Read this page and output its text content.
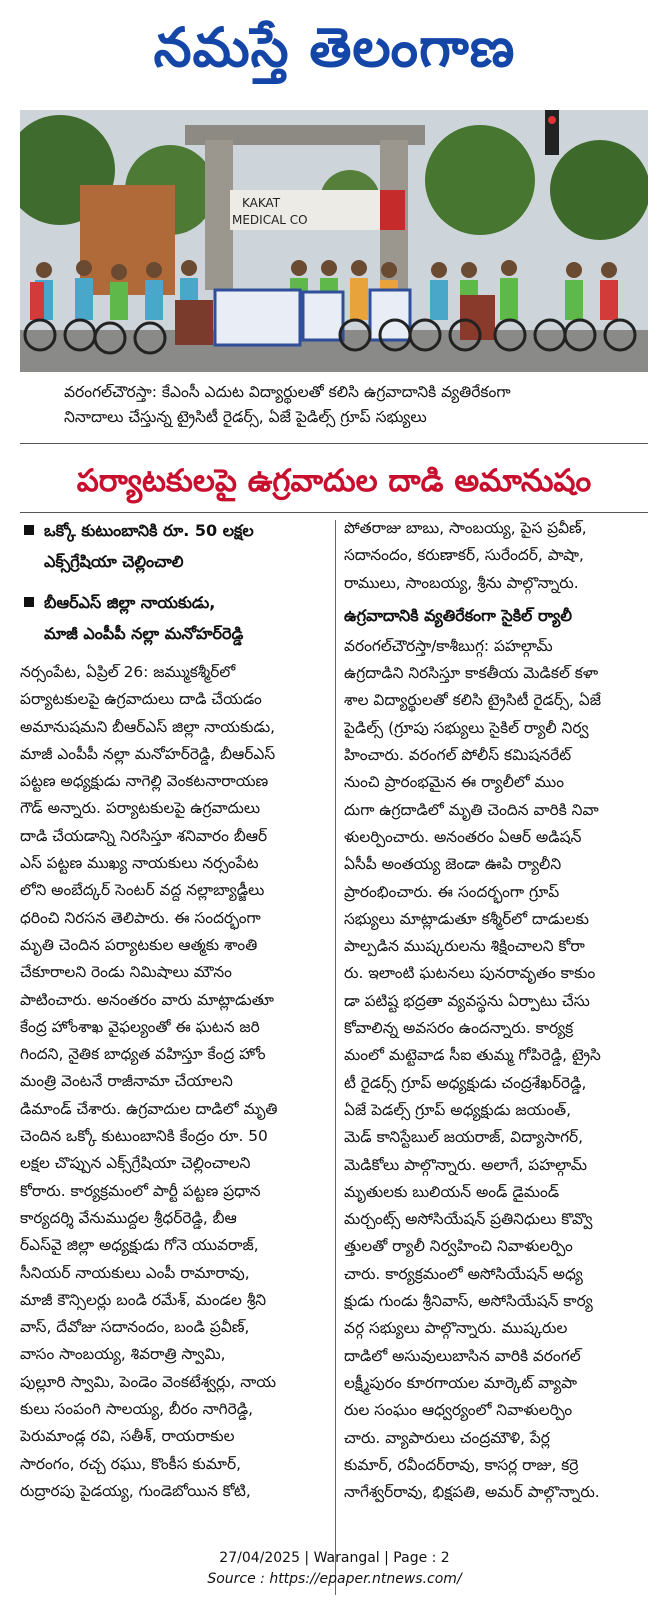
నమస్తే తెలంగాణ
KAKAT
MEDICAL CO

వరంగల్‌చౌరస్తా: కేఎంసీ ఎదుట విద్యార్థులతో కలిసి ఉగ్రవాదానికి వ్యతిరేకంగా

నినాదాలు చేస్తున్న ట్రైసిటీ రైడర్స్‌, ఏజే పైడిల్స్‌ గ్రూప్‌ సభ్యులు

పర్యాటకులపై ఉగ్రవాదుల దాడి అమానుషం
ఒక్కో కుటుంబానికి రూ. 50 లక్షల
ఎక్స్‌గ్రేషియా చెల్లించాలి
బీఆర్‌ఎస్‌ జిల్లా నాయకుడు,
మాజీ ఎంపీపీ నల్లా మనోహర్‌రెడ్డి
నర్సంపేట, ఏప్రిల్‌ 26: జమ్ముకశ్మీర్‌లో
పర్యాటకులపై ఉగ్రవాదులు దాడి చేయడం
అమానుషమని బీఆర్‌ఎస్‌ జిల్లా నాయకుడు,
మాజీ ఎంపీపీ నల్లా మనోహర్‌రెడ్డి, బీఆర్‌ఎస్‌
పట్టణ అధ్యక్షుడు నాగెల్లి వెంకటనారాయణ
గౌడ్‌ అన్నారు. పర్యాటకులపై ఉగ్రవాదులు
దాడి చేయడాన్ని నిరసిస్తూ శనివారం బీఆర్‌
ఎస్‌ పట్టణ ముఖ్య నాయకులు నర్సంపేట
లోని అంబేద్కర్‌ సెంటర్‌ వద్ద నల్లాబ్యాడ్జీలు
ధరించి నిరసన తెలిపారు. ఈ సందర్భంగా
మృతి చెందిన పర్యాటకుల ఆత్మకు శాంతి
చేకూరాలని రెండు నిమిషాలు మౌనం
పాటించారు. అనంతరం వారు మాట్లాడుతూ
కేంద్ర హోంశాఖ వైఫల్యంతో ఈ ఘటన జరి
గిందని, నైతిక బాధ్యత వహిస్తూ కేంద్ర హోం
మంత్రి వెంటనే రాజీనామా చేయాలని
డిమాండ్‌ చేశారు. ఉగ్రవాదుల దాడిలో మృతి
చెందిన ఒక్కో కుటుంబానికి కేంద్రం రూ. 50
లక్షల చొప్పున ఎక్స్‌గ్రేషియా చెల్లించాలని
కోరారు. కార్యక్రమంలో పార్టీ పట్టణ ప్రధాన
కార్యదర్శి వేనుముద్దల శ్రీధర్‌రెడ్డి, బీఆ
ర్‌ఎస్‌వై జిల్లా అధ్యక్షుడు గోనె యువరాజ్‌,
సీనియర్‌ నాయకులు ఎంపీ రామారావు,
మాజీ కౌన్సిలర్లు బండి రమేశ్‌, మండల శ్రీని
వాస్‌, దేవోజు సదానందం, బండి ప్రవీణ్‌,
వాసం సాంబయ్య, శివరాత్రి స్వామి,
పుల్లూరి స్వామి, పెండెం వెంకటేశ్వర్లు, నాయ
కులు సంపంగి సాలయ్య, బీరం నాగిరెడ్డి,
పెరుమాండ్ల రవి, సతీశ్‌, రాయరాకుల
సారంగం, రచ్చ రఘు, కొంకీస కుమార్‌,
రుద్రారపు పైడయ్య, గుండెబోయిన కోటి,
పోతరాజు బాబు, సాంబయ్య, పైస ప్రవీణ్‌,
సదానందం, కరుణాకర్‌, సురేందర్‌, పాషా,
రాములు, సాంబయ్య, శ్రీను పాల్గొన్నారు.
ఉగ్రవాదానికి వ్యతిరేకంగా సైకిల్‌ ర్యాలీ
వరంగల్‌చౌరస్తా/కాశీబుగ్గ: పహల్గామ్‌
ఉగ్రదాడిని నిరసిస్తూ కాకతీయ మెడికల్‌ కళా
శాల విద్యార్థులతో కలిసి ట్రైసిటీ రైడర్స్‌, ఏజే
పైడిల్స్‌ (గ్రూపు సభ్యులు సైకిల్‌ ర్యాలీ నిర్వ
హించారు. వరంగల్‌ పోలీస్‌ కమిషనరేట్‌
నుంచి ప్రారంభమైన ఈ ర్యాలీలో ముం
దుగా ఉగ్రదాడిలో మృతి చెందిన వారికి నివా
ళులర్పించారు. అనంతరం ఏఆర్‌ అడిషన్‌
ఏసీపీ అంతయ్య జెండా ఊపి ర్యాలీని
ప్రారంభించారు. ఈ సందర్భంగా గ్రూప్‌
సభ్యులు మాట్లాడుతూ కశ్మీర్‌లో దాడులకు
పాల్పడిన ముష్కరులను శిక్షించాలని కోరా
రు. ఇలాంటి ఘటనలు పునరావృతం కాకుం
డా పటిష్ట భద్రతా వ్యవస్థను ఏర్పాటు చేసు
కోవాలిన్న అవసరం ఉందన్నారు. కార్యక్ర
మంలో మట్టెవాడ సీఐ తుమ్మ గోపిరెడ్డి, ట్రైసి
టీ రైడర్స్‌ గ్రూప్‌ అధ్యక్షుడు చంద్రశేఖర్‌రెడ్డి,
ఏజే పెడల్స్‌ గ్రూప్‌ అధ్యక్షుడు జయంత్‌,
మెడ్‌ కానిస్టేబుల్‌ జయరాజ్‌, విద్యాసాగర్‌,
మెడికోలు పాల్గొన్నారు. అలాగే, పహల్గామ్‌
మృతులకు బులియన్‌ అండ్‌ డైమండ్‌
మర్చంట్స్‌ అసోసియేషన్‌ ప్రతినిధులు కొవ్వొ
త్తులతో ర్యాలీ నిర్వహించి నివాళులర్పిం
చారు. కార్యక్రమంలో అసోసియేషన్‌ అధ్య
క్షుడు గుండు శ్రీనివాస్‌, అసోసియేషన్‌ కార్య
వర్గ సభ్యులు పాల్గొన్నారు. ముష్కరుల
దాడిలో అసువులుబాసిన వారికి వరంగల్‌
లక్ష్మీపురం కూరగాయల మార్కెట్‌ వ్యాపా
రుల సంఘం ఆధ్వర్యంలో నివాళులర్పిం
చారు. వ్యాపారులు చంద్రమౌళి, పేర్ల
కుమార్‌, రవీందర్‌రావు, కాసర్ల రాజు, కర్రె
నాగేశ్వర్‌రావు, భిక్షపతి, అమర్‌ పాల్గొన్నారు.

27/04/2025 | Warangal | Page : 2

Source : https://epaper.ntnews.com/
